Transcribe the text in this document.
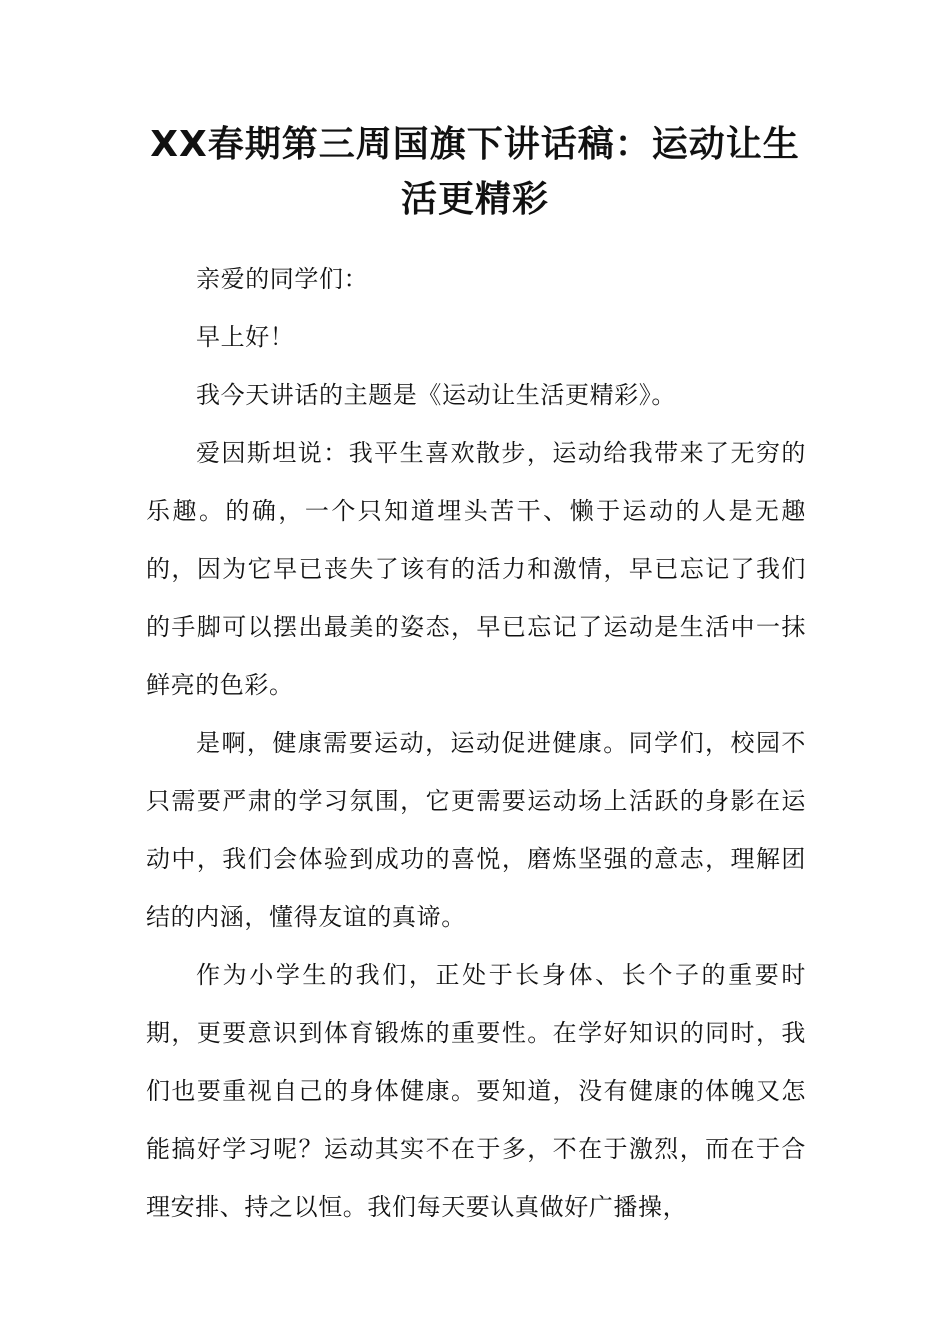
XX春期第三周国旗下讲话稿：运动让生活更精彩

亲爱的同学们：

早上好！

我今天讲话的主题是《运动让生活更精彩》。

爱因斯坦说：我平生喜欢散步，运动给我带来了无穷的乐趣。的确，一个只知道埋头苦干、懒于运动的人是无趣的，因为它早已丧失了该有的活力和激情，早已忘记了我们的手脚可以摆出最美的姿态，早已忘记了运动是生活中一抹鲜亮的色彩。

是啊，健康需要运动，运动促进健康。同学们，校园不只需要严肃的学习氛围，它更需要运动场上活跃的身影在运动中，我们会体验到成功的喜悦，磨炼坚强的意志，理解团结的内涵，懂得友谊的真谛。

作为小学生的我们，正处于长身体、长个子的重要时期，更要意识到体育锻炼的重要性。在学好知识的同时，我们也要重视自己的身体健康。要知道，没有健康的体魄又怎能搞好学习呢？运动其实不在于多，不在于激烈，而在于合理安排、持之以恒。我们每天要认真做好广播操，
